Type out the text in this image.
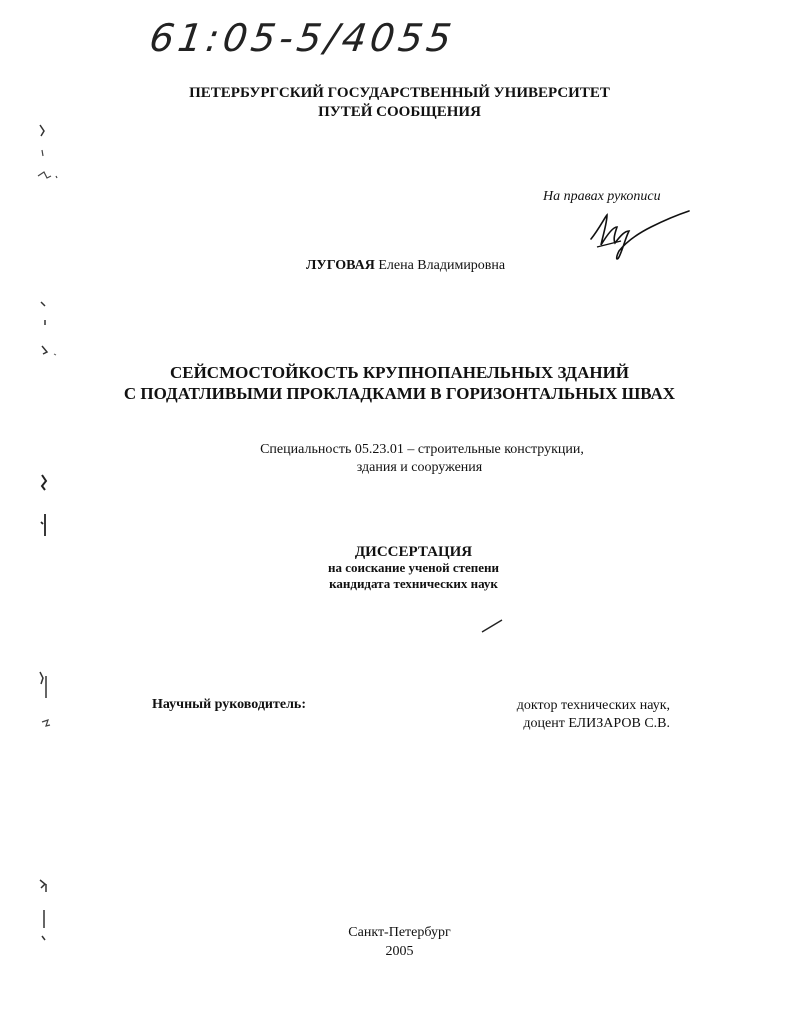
61:05-5/4055
ПЕТЕРБУРГСКИЙ ГОСУДАРСТВЕННЫЙ УНИВЕРСИТЕТ
ПУТЕЙ СООБЩЕНИЯ
На правах рукописи
ЛУГОВАЯ Елена Владимировна
СЕЙСМОСТОЙКОСТЬ КРУПНОПАНЕЛЬНЫХ ЗДАНИЙ
С ПОДАТЛИВЫМИ ПРОКЛАДКАМИ В ГОРИЗОНТАЛЬНЫХ ШВАХ
Специальность 05.23.01 – строительные конструкции,
здания и сооружения
ДИССЕРТАЦИЯ
на соискание ученой степени
кандидата технических наук
Научный руководитель:	доктор технических наук,
доцент ЕЛИЗАРОВ С.В.
Санкт-Петербург
2005
